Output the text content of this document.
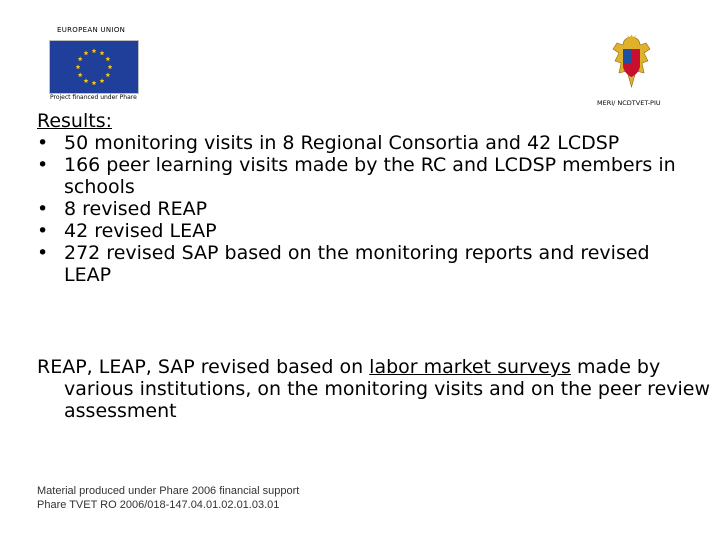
EUROPEAN UNION
Project financed under Phare
MERI/ NCDTVET-PIU
Results:
• 50 monitoring visits in 8 Regional Consortia and 42 LCDSP
• 166 peer learning visits made by the RC and LCDSP members in schools
• 8 revised REAP
• 42 revised LEAP
• 272 revised SAP based on the monitoring reports and revised LEAP
REAP, LEAP, SAP revised based on labor market surveys made by various institutions, on the monitoring visits and on the peer review assessment
Material produced under Phare 2006 financial support
Phare TVET RO 2006/018-147.04.01.02.01.03.01
